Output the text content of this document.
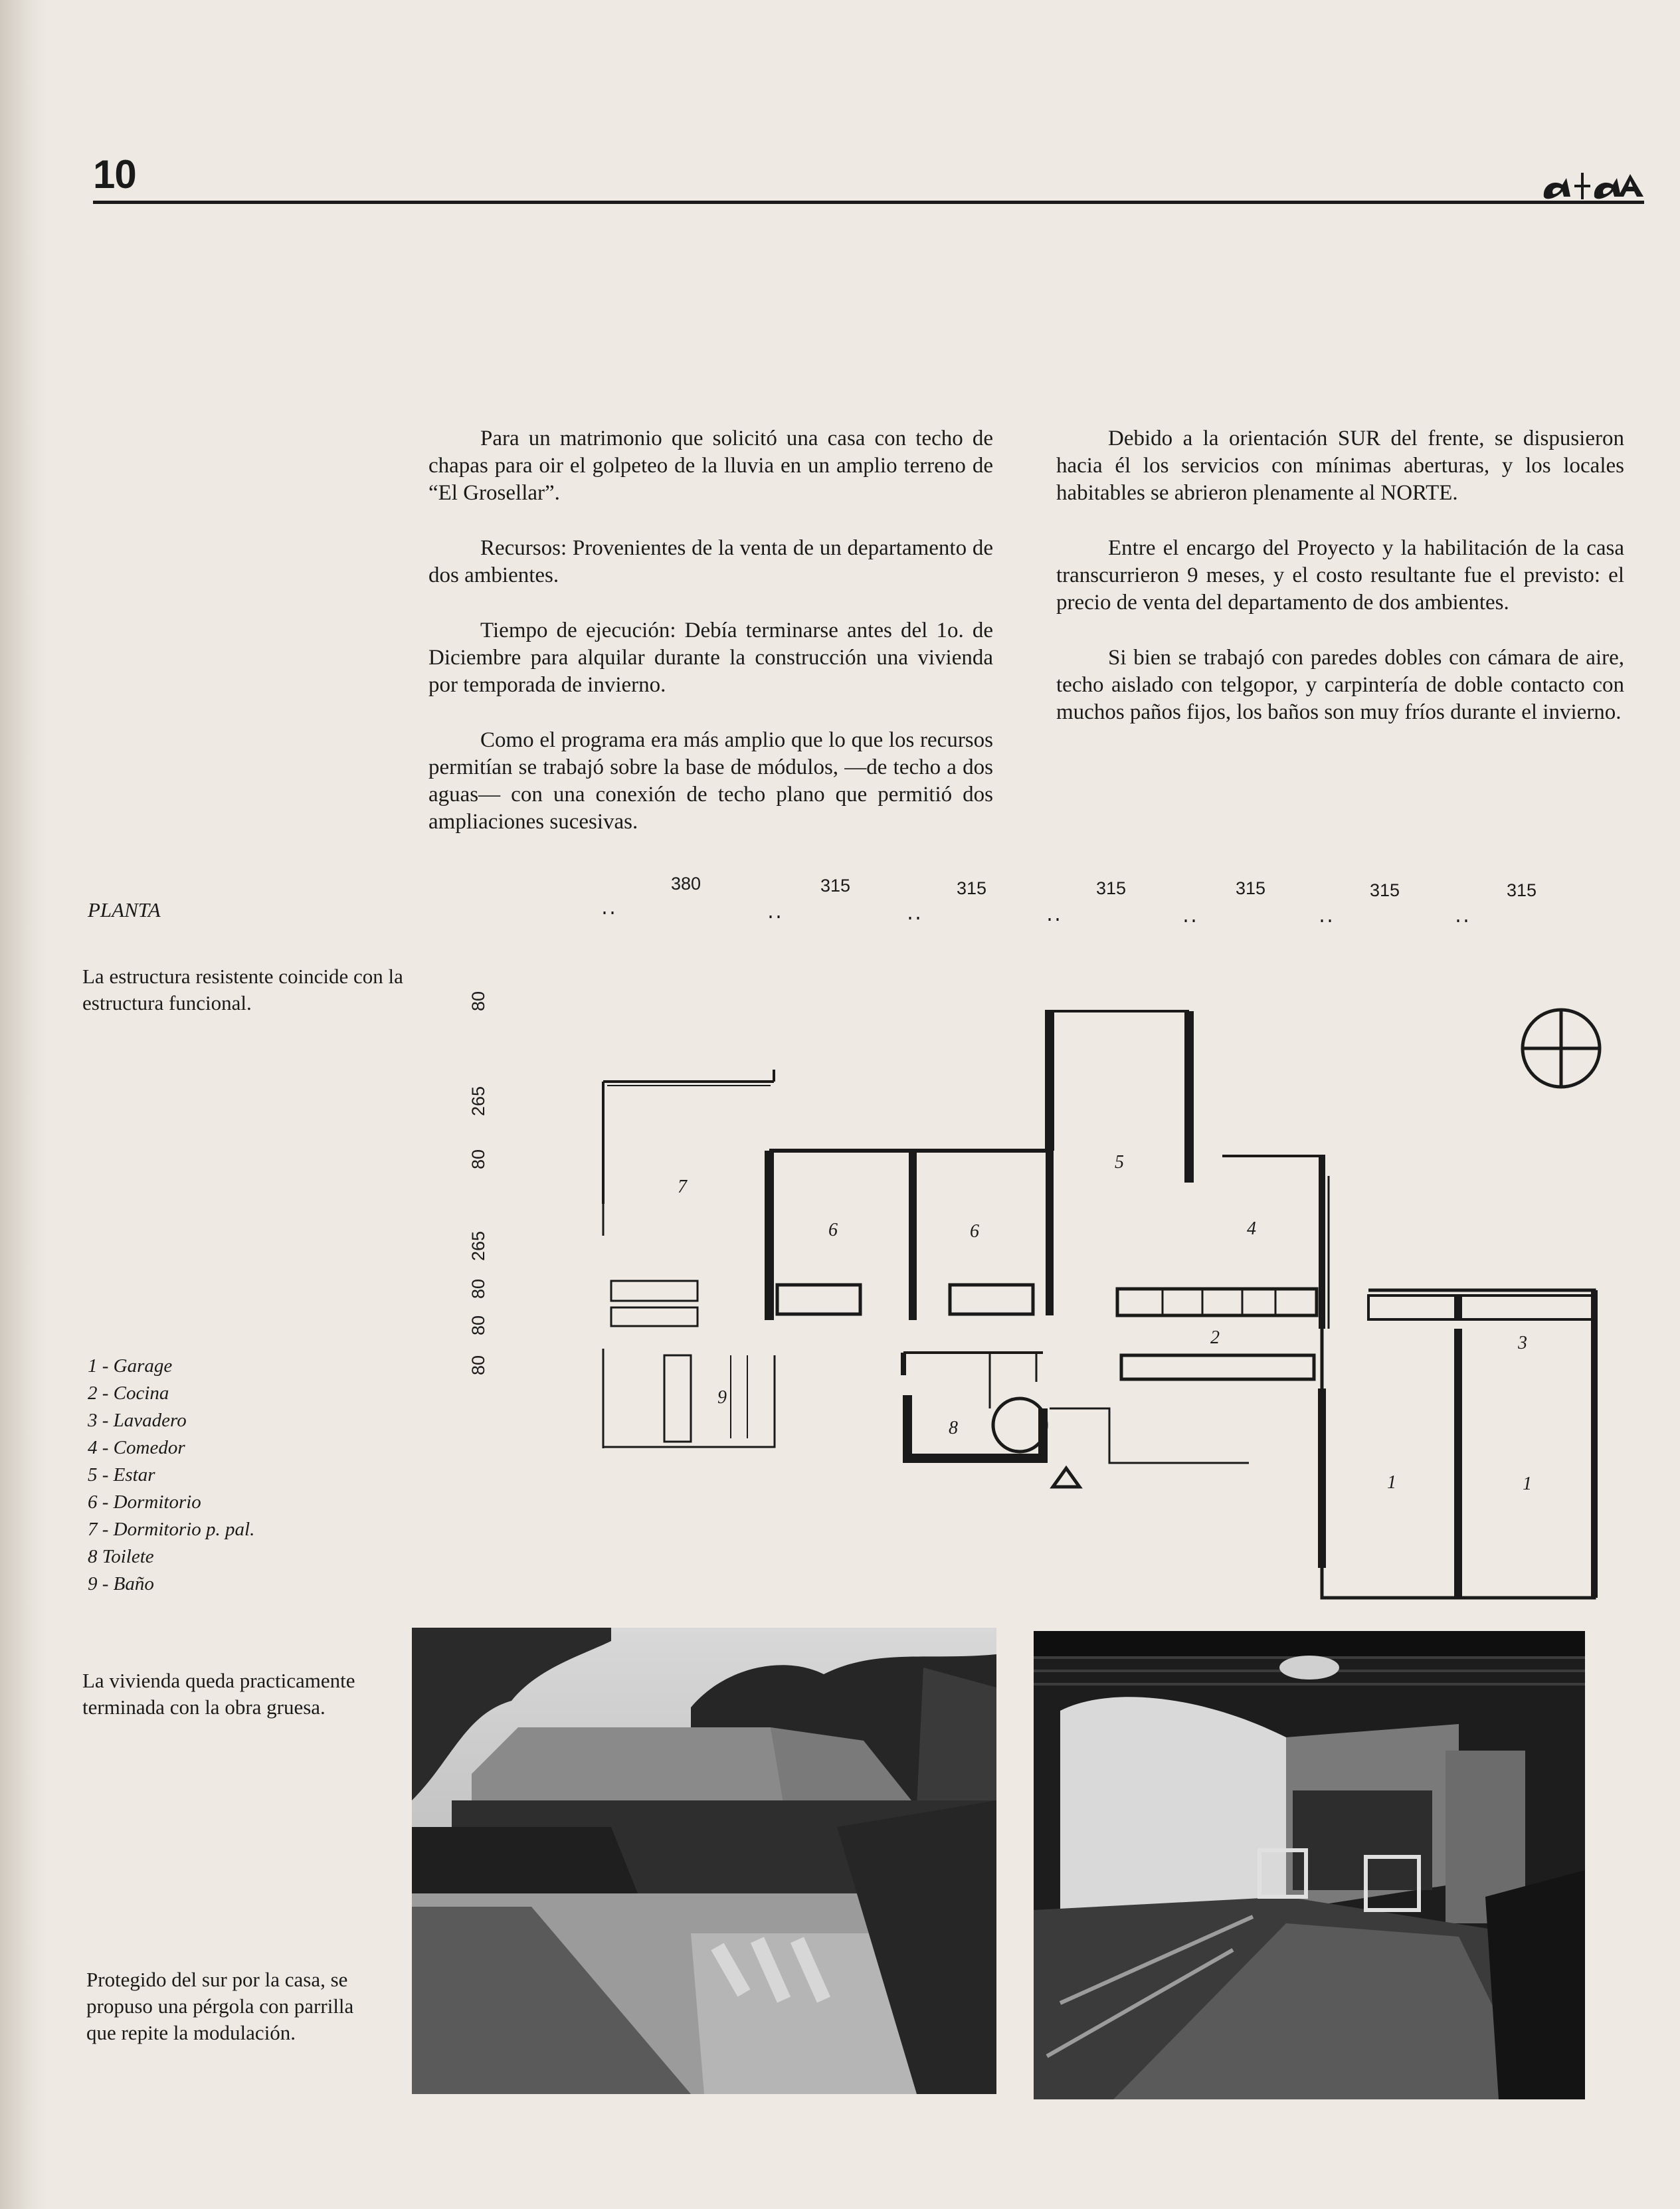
10

Para un matrimonio que solicitó una casa con techo de chapas para oir el golpeteo de la lluvia en un amplio terreno de “El Grosellar”.

Recursos: Provenientes de la venta de un departamento de dos ambientes.

Tiempo de ejecución: Debía terminarse antes del 1o. de Diciembre para alquilar durante la construcción una vivienda por temporada de invierno.

Como el programa era más amplio que lo que los recursos permitían se trabajó sobre la base de módulos, —de techo a dos aguas— con una conexión de techo plano que permitió dos ampliaciones sucesivas.

Debido a la orientación SUR del frente, se dispusieron hacia él los servicios con mínimas aberturas, y los locales habitables se abrieron plenamente al NORTE.

Entre el encargo del Proyecto y la habilitación de la casa transcurrieron 9 meses, y el costo resultante fue el previsto: el precio de venta del departamento de dos ambientes.

Si bien se trabajó con paredes dobles con cámara de aire, techo aislado con telgopor, y carpintería de doble contacto con muchos paños fijos, los baños son muy fríos durante el invierno.

PLANTA
La estructura resistente coincide con la estructura funcional.
380	315	315	315	315	315	315
80
265
80
265
80
80
80
7
6	6
5
4
2	3
9
8
1	1
1 - Garage
2 - Cocina
3 - Lavadero
4 - Comedor
5 - Estar
6 - Dormitorio
7 - Dormitorio p. pal.
8 Toilete
9 - Baño
La vivienda queda practicamente terminada con la obra gruesa.
Protegido del sur por la casa, se propuso una pérgola con parrilla que repite la modulación.
